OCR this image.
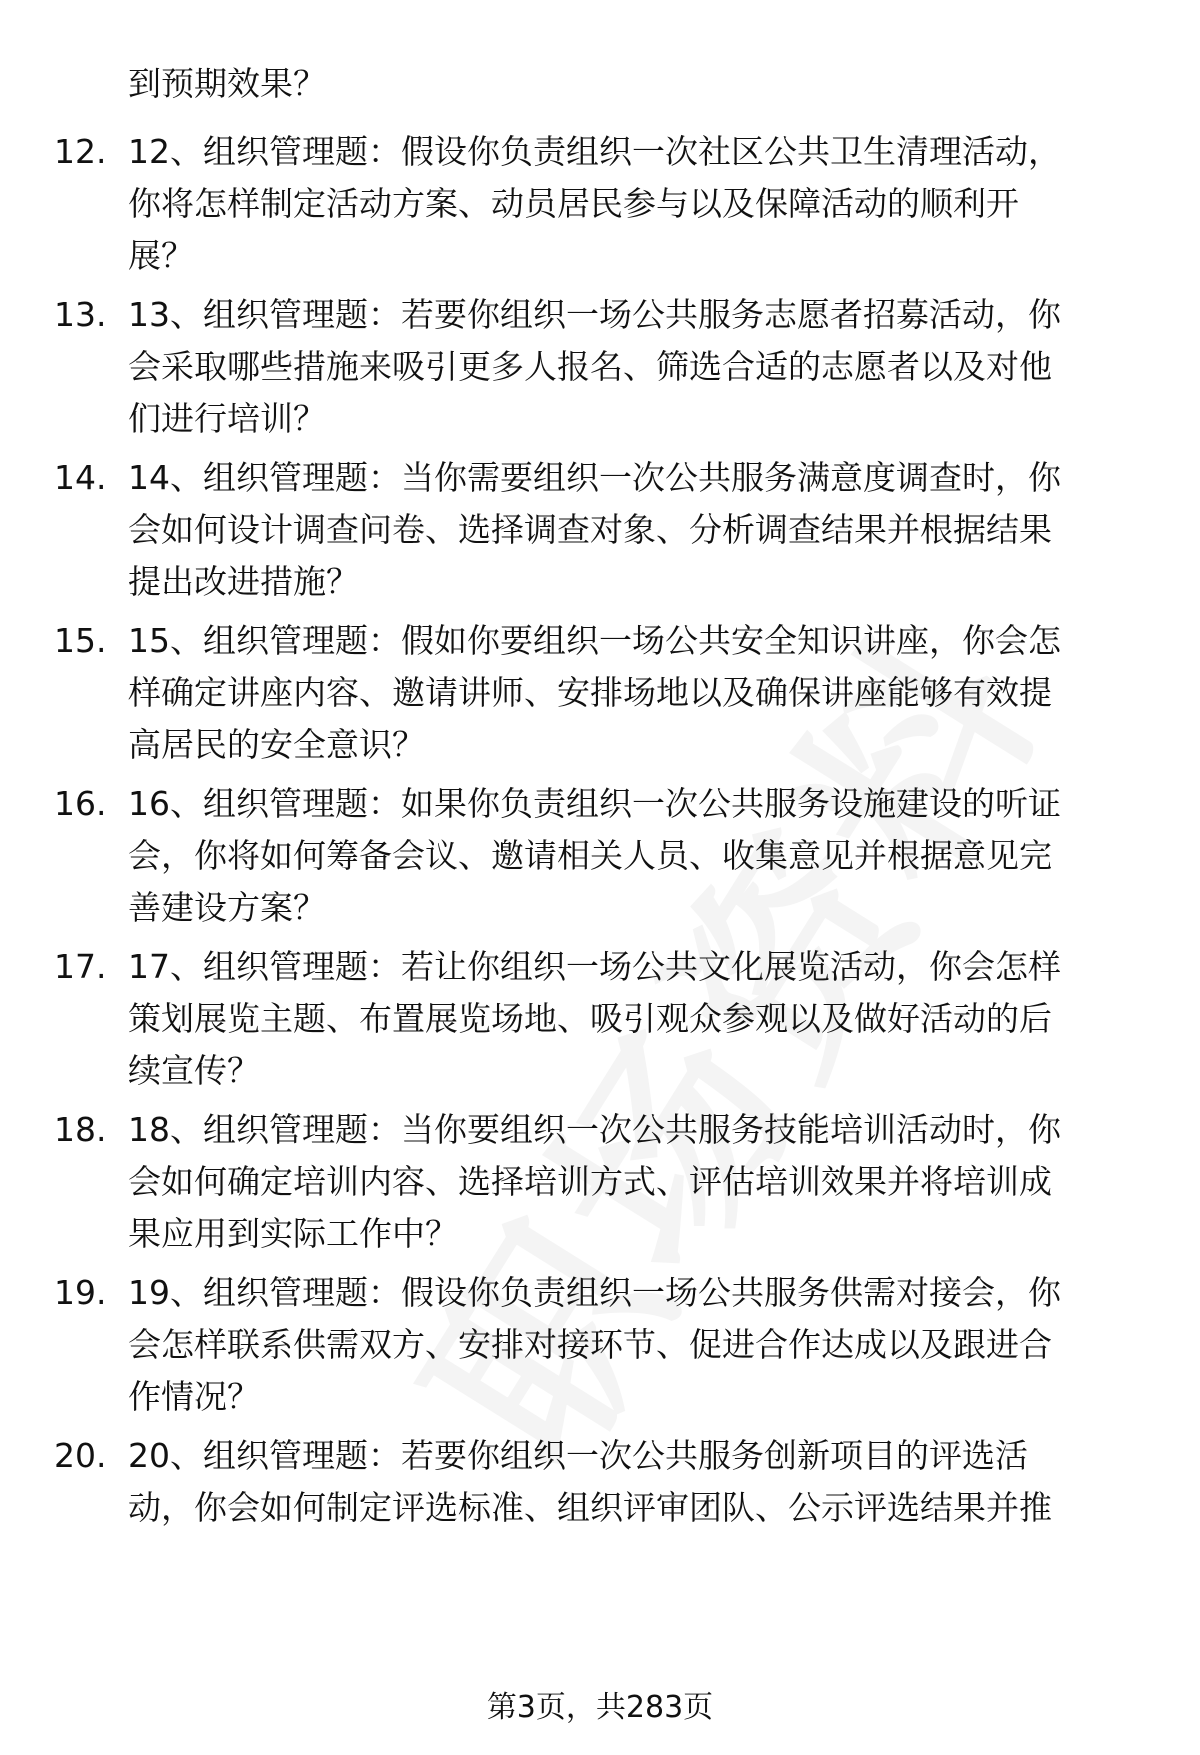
到预期效果？
12. 12、组织管理题：假设你负责组织一次社区公共卫生清理活动，
你将怎样制定活动方案、动员居民参与以及保障活动的顺利开
展？
13. 13、组织管理题：若要你组织一场公共服务志愿者招募活动，你
会采取哪些措施来吸引更多人报名、筛选合适的志愿者以及对他
们进行培训？
14. 14、组织管理题：当你需要组织一次公共服务满意度调查时，你
会如何设计调查问卷、选择调查对象、分析调查结果并根据结果
提出改进措施？
15. 15、组织管理题：假如你要组织一场公共安全知识讲座，你会怎
样确定讲座内容、邀请讲师、安排场地以及确保讲座能够有效提
高居民的安全意识？
16. 16、组织管理题：如果你负责组织一次公共服务设施建设的听证
会，你将如何筹备会议、邀请相关人员、收集意见并根据意见完
善建设方案？
17. 17、组织管理题：若让你组织一场公共文化展览活动，你会怎样
策划展览主题、布置展览场地、吸引观众参观以及做好活动的后
续宣传？
18. 18、组织管理题：当你要组织一次公共服务技能培训活动时，你
会如何确定培训内容、选择培训方式、评估培训效果并将培训成
果应用到实际工作中？
19. 19、组织管理题：假设你负责组织一场公共服务供需对接会，你
会怎样联系供需双方、安排对接环节、促进合作达成以及跟进合
作情况？
20. 20、组织管理题：若要你组织一次公共服务创新项目的评选活
动，你会如何制定评选标准、组织评审团队、公示评选结果并推
第3页，共283页
